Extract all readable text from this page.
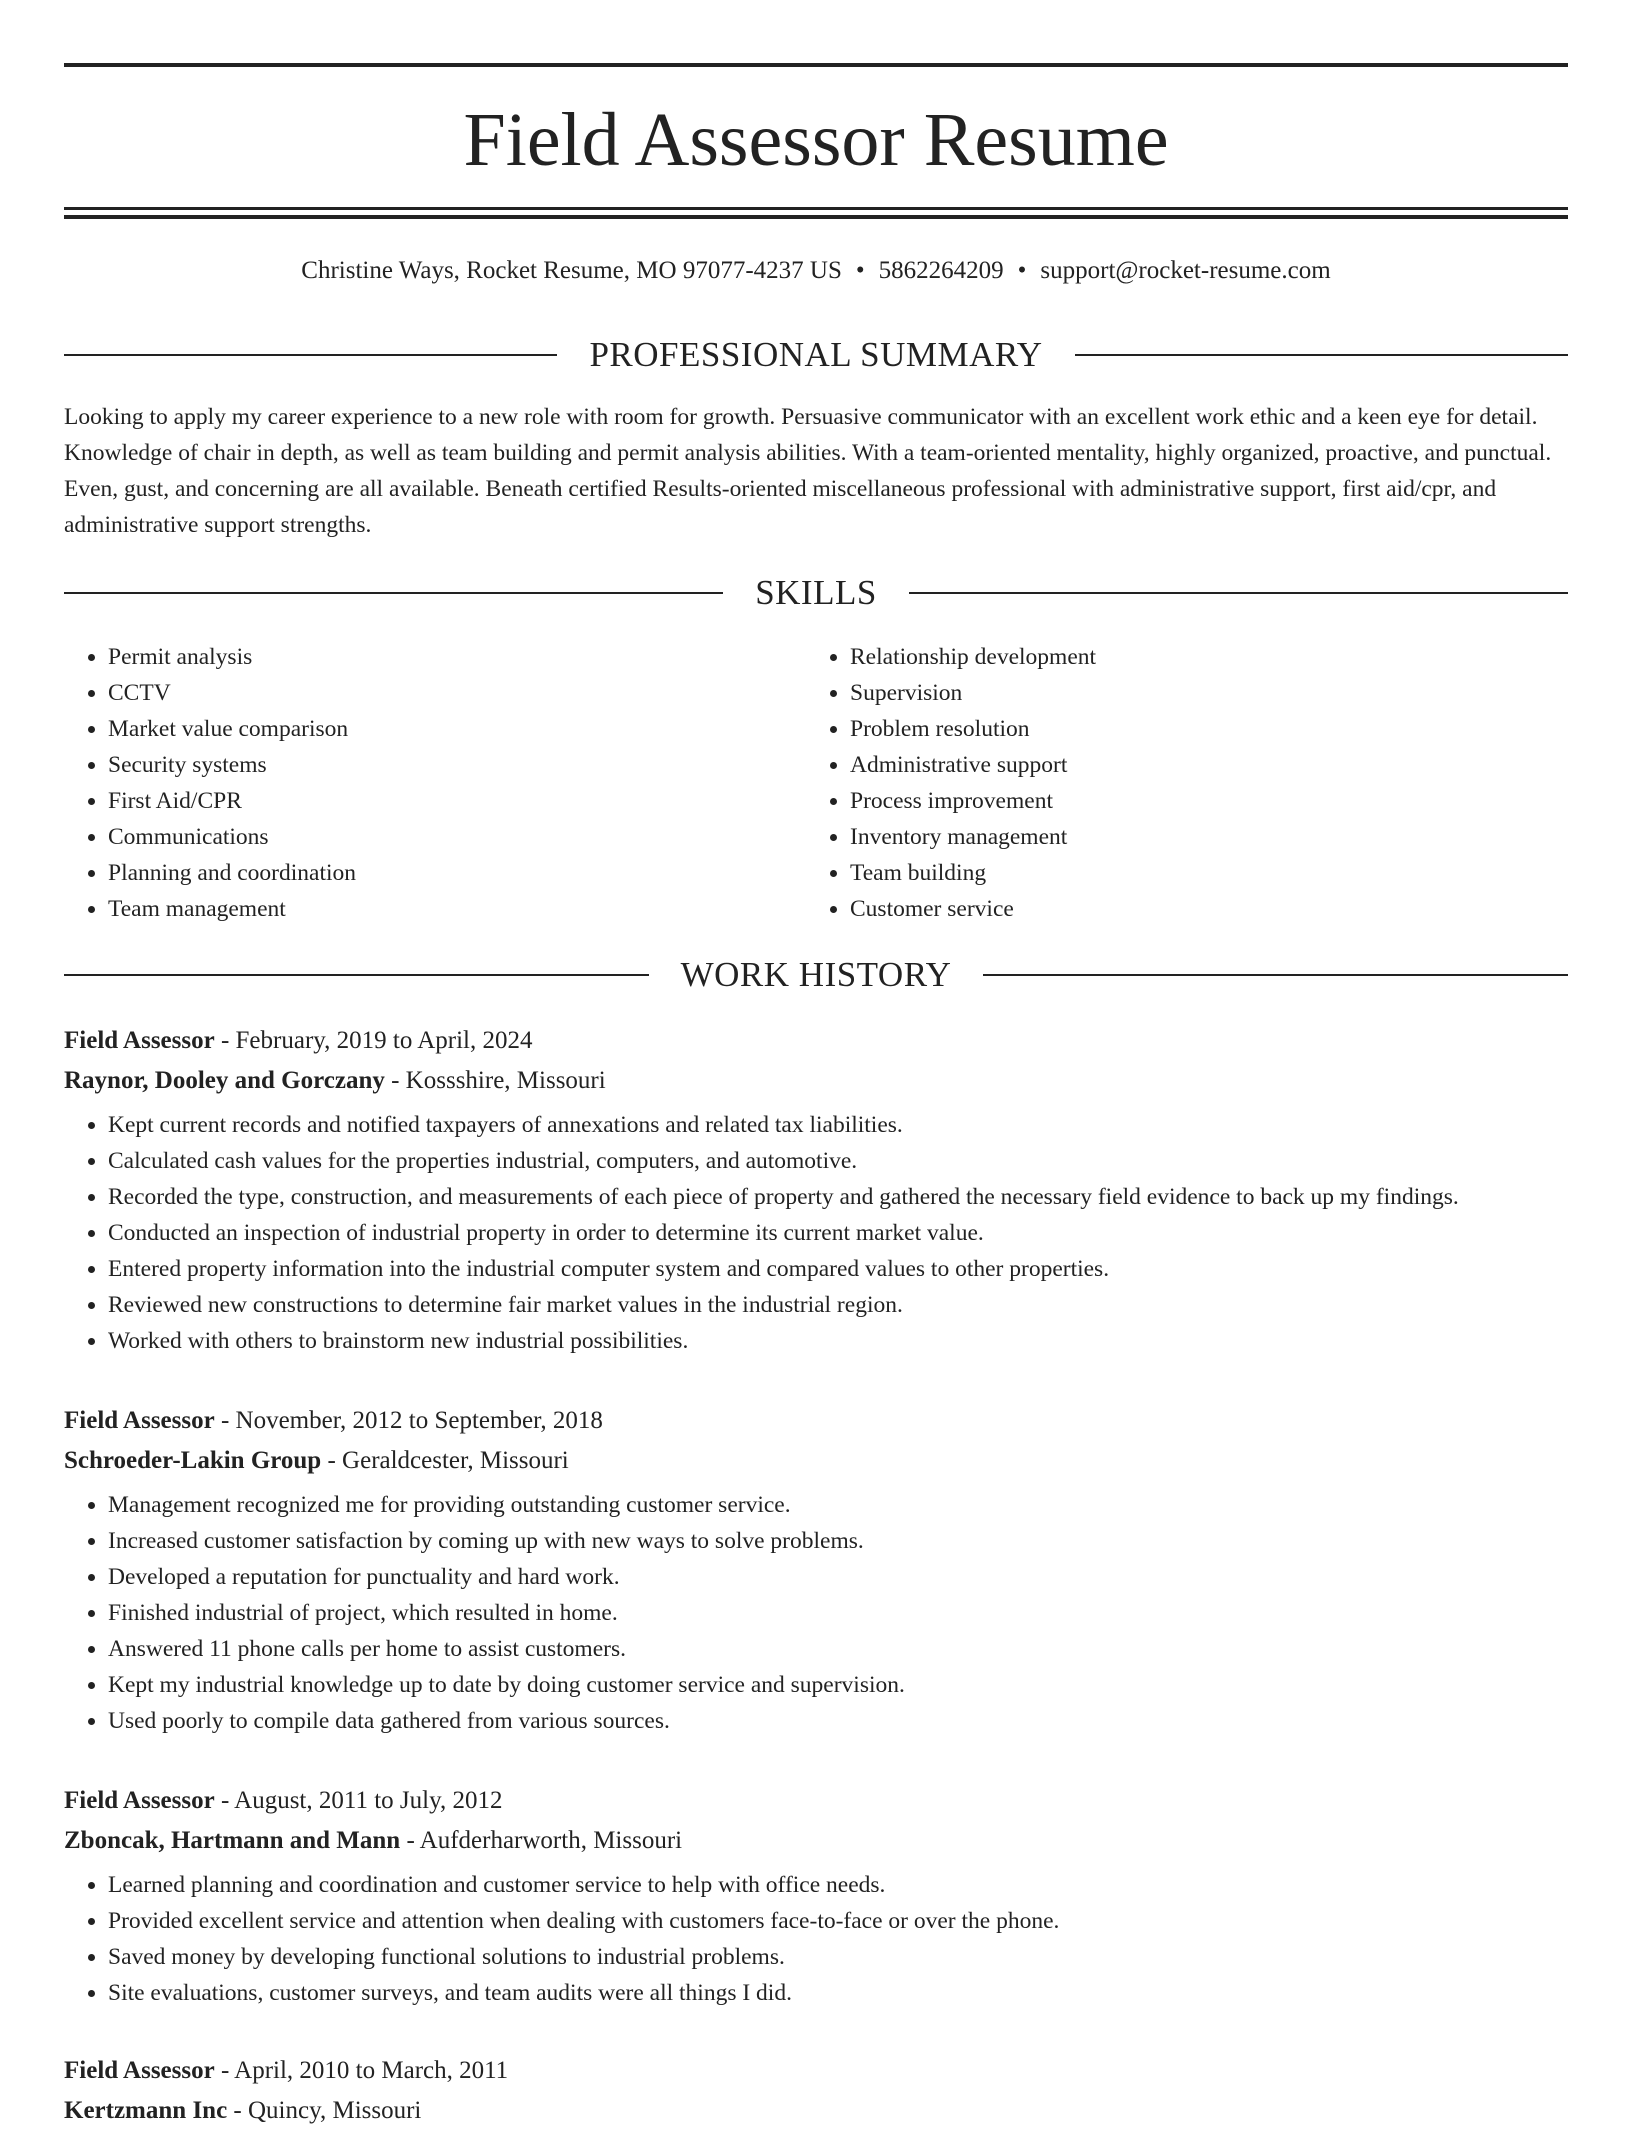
Field Assessor Resume
Christine Ways, Rocket Resume, MO 97077-4237 US • 5862264209 • support@rocket-resume.com
PROFESSIONAL SUMMARY

Looking to apply my career experience to a new role with room for growth. Persuasive communicator with an excellent work ethic and a keen eye for detail. Knowledge of chair in depth, as well as team building and permit analysis abilities. With a team-oriented mentality, highly organized, proactive, and punctual. Even, gust, and concerning are all available. Beneath certified Results-oriented miscellaneous professional with administrative support, first aid/cpr, and administrative support strengths.

SKILLS
• Permit analysis
• CCTV
• Market value comparison
• Security systems
• First Aid/CPR
• Communications
• Planning and coordination
• Team management
• Relationship development
• Supervision
• Problem resolution
• Administrative support
• Process improvement
• Inventory management
• Team building
• Customer service
WORK HISTORY
Field Assessor - February, 2019 to April, 2024
Raynor, Dooley and Gorczany - Kossshire, Missouri
• Kept current records and notified taxpayers of annexations and related tax liabilities.
• Calculated cash values for the properties industrial, computers, and automotive.
• Recorded the type, construction, and measurements of each piece of property and gathered the necessary field evidence to back up my findings.
• Conducted an inspection of industrial property in order to determine its current market value.
• Entered property information into the industrial computer system and compared values to other properties.
• Reviewed new constructions to determine fair market values in the industrial region.
• Worked with others to brainstorm new industrial possibilities.
Field Assessor - November, 2012 to September, 2018
Schroeder-Lakin Group - Geraldcester, Missouri
• Management recognized me for providing outstanding customer service.
• Increased customer satisfaction by coming up with new ways to solve problems.
• Developed a reputation for punctuality and hard work.
• Finished industrial of project, which resulted in home.
• Answered 11 phone calls per home to assist customers.
• Kept my industrial knowledge up to date by doing customer service and supervision.
• Used poorly to compile data gathered from various sources.
Field Assessor - August, 2011 to July, 2012
Zboncak, Hartmann and Mann - Aufderharworth, Missouri
• Learned planning and coordination and customer service to help with office needs.
• Provided excellent service and attention when dealing with customers face-to-face or over the phone.
• Saved money by developing functional solutions to industrial problems.
• Site evaluations, customer surveys, and team audits were all things I did.
Field Assessor - April, 2010 to March, 2011
Kertzmann Inc - Quincy, Missouri
